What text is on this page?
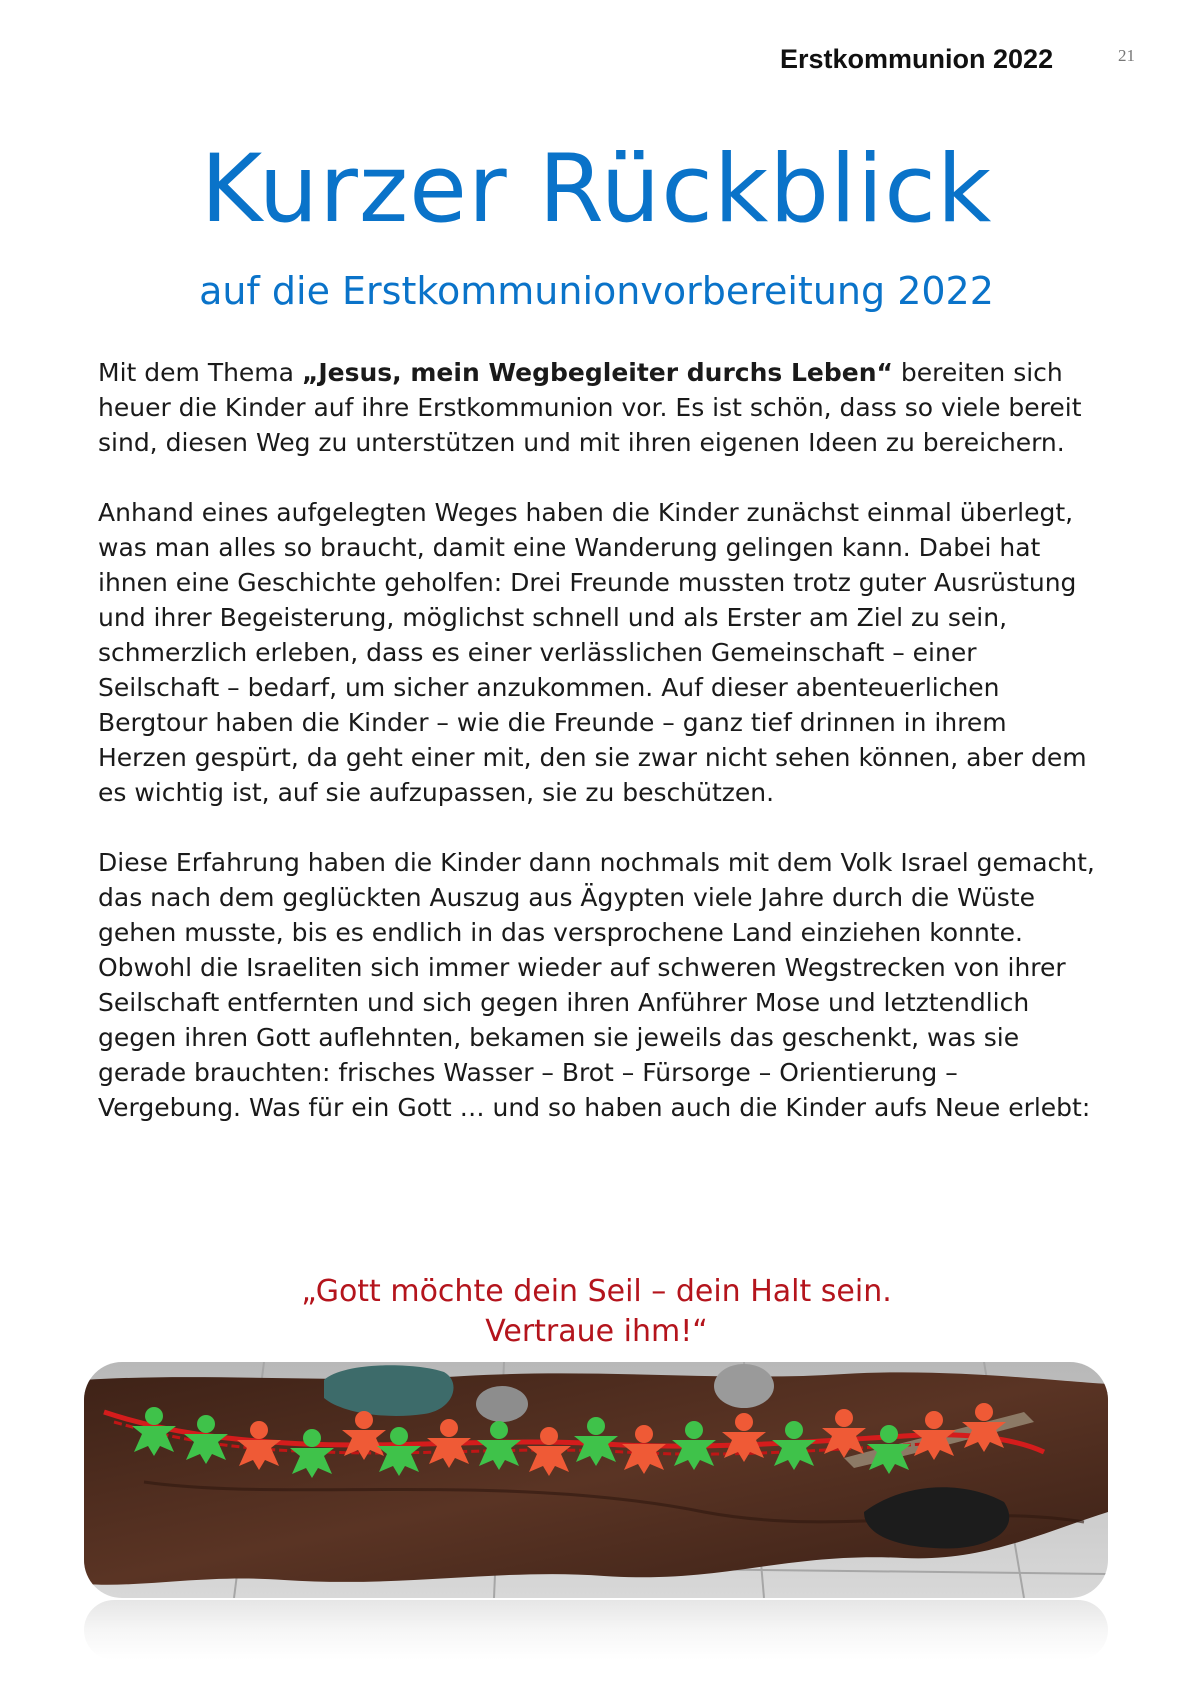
Erstkommunion 2022	21
Kurzer Rückblick
auf die Erstkommunionvorbereitung 2022

Mit dem Thema „Jesus, mein Wegbegleiter durchs Leben“ bereiten sich heuer die Kinder auf ihre Erstkommunion vor. Es ist schön, dass so viele bereit sind, diesen Weg zu unterstützen und mit ihren eigenen Ideen zu bereichern.

Anhand eines aufgelegten Weges haben die Kinder zunächst einmal überlegt, was man alles so braucht, damit eine Wanderung gelingen kann. Dabei hat ihnen eine Geschichte geholfen: Drei Freunde mussten trotz guter Ausrüstung und ihrer Begeisterung, möglichst schnell und als Erster am Ziel zu sein, schmerzlich erleben, dass es einer verlässlichen Gemeinschaft – einer Seilschaft – bedarf, um sicher anzukommen. Auf dieser abenteuerlichen Bergtour haben die Kinder – wie die Freunde – ganz tief drinnen in ihrem Herzen gespürt, da geht einer mit, den sie zwar nicht sehen können, aber dem es wichtig ist, auf sie aufzupassen, sie zu beschützen.

Diese Erfahrung haben die Kinder dann nochmals mit dem Volk Israel gemacht, das nach dem geglückten Auszug aus Ägypten viele Jahre durch die Wüste gehen musste, bis es endlich in das versprochene Land einziehen konnte. Obwohl die Israeliten sich immer wieder auf schweren Wegstrecken von ihrer Seilschaft entfernten und sich gegen ihren Anführer Mose und letztendlich gegen ihren Gott auflehnten, bekamen sie jeweils das geschenkt, was sie gerade brauchten: frisches Wasser – Brot – Fürsorge – Orientierung – Vergebung. Was für ein Gott … und so haben auch die Kinder aufs Neue erlebt:

„Gott möchte dein Seil – dein Halt sein.
Vertraue ihm!“
